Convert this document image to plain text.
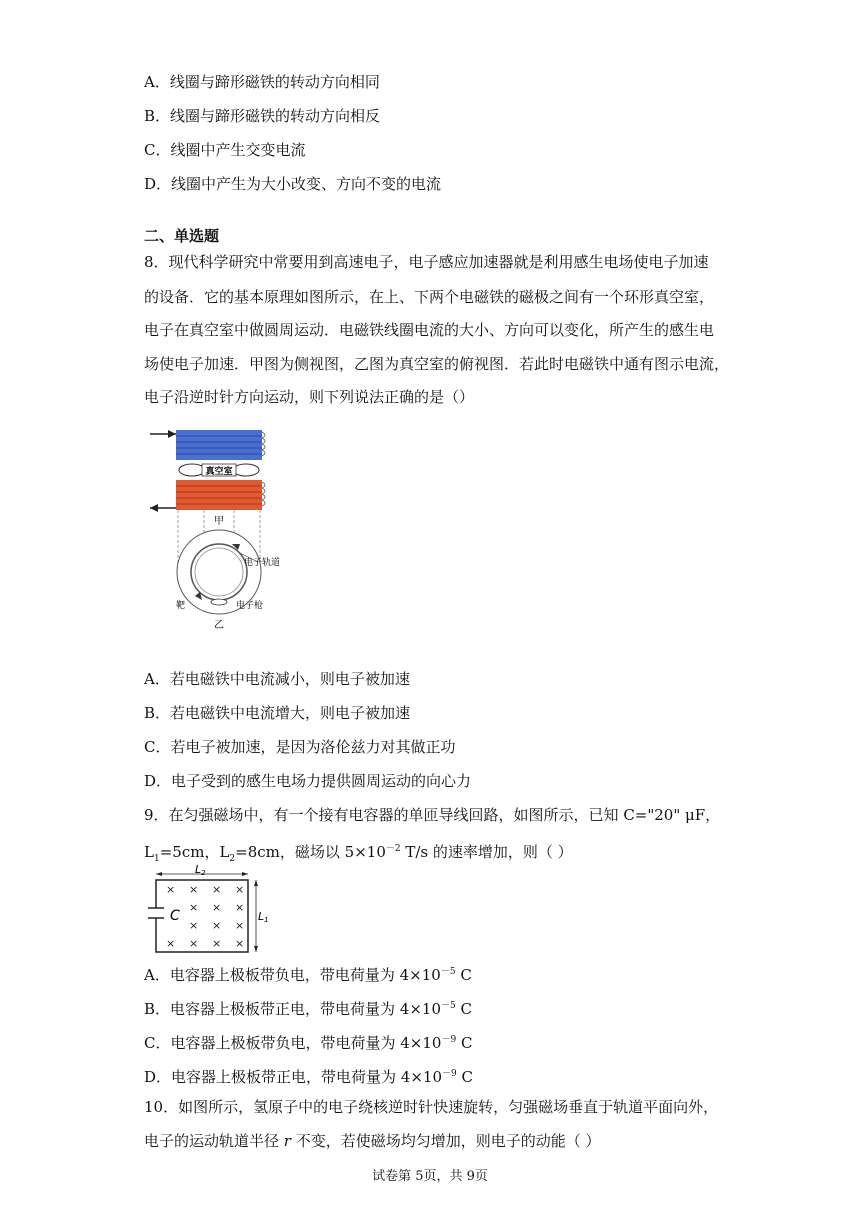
A．线圈与蹄形磁铁的转动方向相同
B．线圈与蹄形磁铁的转动方向相反
C．线圈中产生交变电流
D．线圈中产生为大小改变、方向不变的电流
二、单选题
8．现代科学研究中常要用到高速电子，电子感应加速器就是利用感生电场使电子加速
的设备．它的基本原理如图所示，在上、下两个电磁铁的磁极之间有一个环形真空室，
电子在真空室中做圆周运动．电磁铁线圈电流的大小、方向可以变化，所产生的感生电
场使电子加速．甲图为侧视图，乙图为真空室的俯视图．若此时电磁铁中通有图示电流，
电子沿逆时针方向运动，则下列说法正确的是（）
真空室
甲
电子轨道
靶	电子枪
乙
A．若电磁铁中电流减小，则电子被加速
B．若电磁铁中电流增大，则电子被加速
C．若电子被加速，是因为洛伦兹力对其做正功
D．电子受到的感生电场力提供圆周运动的向心力
9．在匀强磁场中，有一个接有电容器的单匝导线回路，如图所示，已知 C="20" μF，
$L_1=5cm$，$L_2=8cm$，磁场以 $5\times 10^{-2}$ T/s 的速率增加，则（ ）
L2
C	L1
× × × ×
× × ×
× × ×
× × × ×
A．电容器上极板带负电，带电荷量为 $4\times 10^{-5}$ C
B．电容器上极板带正电，带电荷量为 $4\times 10^{-5}$ C
C．电容器上极板带负电，带电荷量为 $4\times 10^{-9}$ C
D．电容器上极板带正电，带电荷量为 $4\times 10^{-9}$ C
10．如图所示，氢原子中的电子绕核逆时针快速旋转，匀强磁场垂直于轨道平面向外，
电子的运动轨道半径 r 不变，若使磁场均匀增加，则电子的动能（ ）
试卷第 5页，共 9页
